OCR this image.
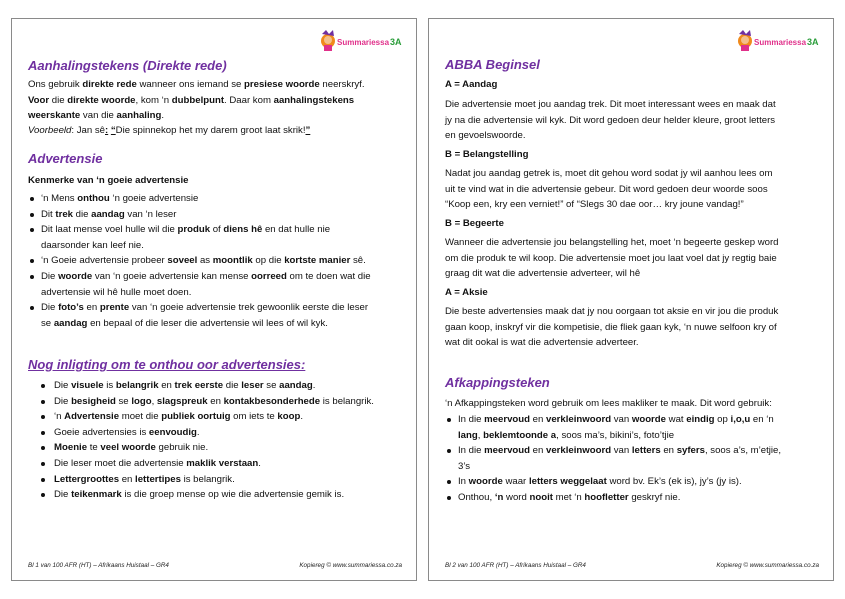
Summariessa 3A

Aanhalingstekens (Direkte rede)

Ons gebruik direkte rede wanneer ons iemand se presiese woorde neerskryf.

Voor die direkte woorde, kom ‘n dubbelpunt. Daar kom aanhalingstekens

weerskante van die aanhaling.

Voorbeeld: Jan sê: “Die spinnekop het my darem groot laat skrik!”

Advertensie

Kenmerke van ‘n goeie advertensie

‘n Mens onthou ‘n goeie advertensie
Dit trek die aandag van ‘n leser
Dit laat mense voel hulle wil die produk of diens hê en dat hulle nie
daarsonder kan leef nie.
‘n Goeie advertensie probeer soveel as moontlik op die kortste manier sê.
Die woorde van ‘n goeie advertensie kan mense oorreed om te doen wat die
advertensie wil hê hulle moet doen.
Die foto’s en prente van ‘n goeie advertensie trek gewoonlik eerste die leser
se aandag en bepaal of die leser die advertensie wil lees of wil kyk.

Nog inligting om te onthou oor advertensies:

Die visuele is belangrik en trek eerste die leser se aandag.
Die besigheid se logo, slagspreuk en kontakbesonderhede is belangrik.
‘n Advertensie moet die publiek oortuig om iets te koop.
Goeie advertensies is eenvoudig.
Moenie te veel woorde gebruik nie.
Die leser moet die advertensie maklik verstaan.
Lettergroottes en lettertipes is belangrik.
Die teikenmark is die groep mense op wie die advertensie gemik is.
Bl 1 van 100 AFR (HT) – Afrikaans Huistaal – GR4	Kopiereg © www.summariessa.co.za
Summariessa 3A

ABBA Beginsel

A = Aandag

Die advertensie moet jou aandag trek. Dit moet interessant wees en maak dat

jy na die advertensie wil kyk. Dit word gedoen deur helder kleure, groot letters

en gevoelswoorde.

B = Belangstelling

Nadat jou aandag getrek is, moet dit gehou word sodat jy wil aanhou lees om

uit te vind wat in die advertensie gebeur. Dit word gedoen deur woorde soos

“Koop een, kry een verniet!” of “Slegs 30 dae oor… kry joune vandag!”

B = Begeerte

Wanneer die advertensie jou belangstelling het, moet ‘n begeerte geskep word

om die produk te wil koop. Die advertensie moet jou laat voel dat jy regtig baie

graag dit wat die advertensie adverteer, wil hê

A = Aksie

Die beste advertensies maak dat jy nou oorgaan tot aksie en vir jou die produk

gaan koop, inskryf vir die kompetisie, die fliek gaan kyk, ‘n nuwe selfoon kry of

wat dit ookal is wat die advertensie adverteer.

Afkappingsteken

‘n Afkappingsteken word gebruik om lees makliker te maak. Dit word gebruik:

In die meervoud en verkleinwoord van woorde wat eindig op i,o,u en ‘n
lang, beklemtoonde a, soos ma’s, bikini’s, foto’tjie
In die meervoud en verkleinwoord van letters en syfers, soos a’s, m’etjie,
3’s
In woorde waar letters weggelaat word bv. Ek’s (ek is), jy’s (jy is).
Onthou, ‘n word nooit met ‘n hoofletter geskryf nie.
Bl 2 van 100 AFR (HT) – Afrikaans Huistaal – GR4	Kopiereg © www.summariessa.co.za
